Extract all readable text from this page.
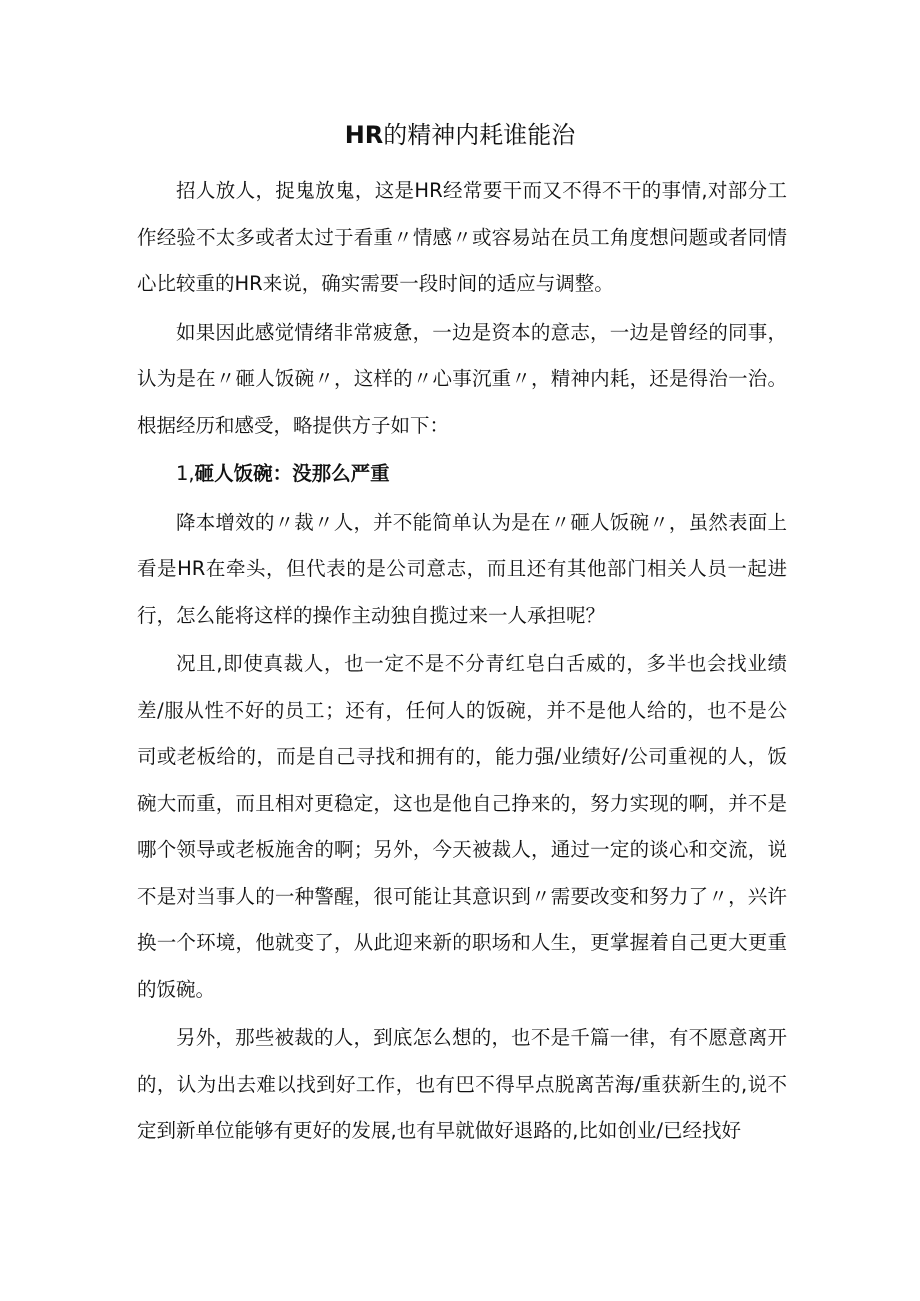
HR的精神内耗谁能治

招人放人，捉鬼放鬼，这是HR经常要干而又不得不干的事情,对部分工作经验不太多或者太过于看重〃情感〃或容易站在员工角度想问题或者同情心比较重的HR来说，确实需要一段时间的适应与调整。

如果因此感觉情绪非常疲惫，一边是资本的意志，一边是曾经的同事，认为是在〃砸人饭碗〃，这样的〃心事沉重〃，精神内耗，还是得治一治。根据经历和感受，略提供方子如下：

1,砸人饭碗：没那么严重

降本增效的〃裁〃人，并不能简单认为是在〃砸人饭碗〃，虽然表面上看是HR在牵头，但代表的是公司意志，而且还有其他部门相关人员一起进行，怎么能将这样的操作主动独自揽过来一人承担呢？

况且,即使真裁人，也一定不是不分青红皂白舌威的，多半也会找业绩差/服从性不好的员工；还有，任何人的饭碗，并不是他人给的，也不是公司或老板给的，而是自己寻找和拥有的，能力强/业绩好/公司重视的人，饭碗大而重，而且相对更稳定，这也是他自己挣来的，努力实现的啊，并不是哪个领导或老板施舍的啊；另外，今天被裁人，通过一定的谈心和交流，说不是对当事人的一种警醒，很可能让其意识到〃需要改变和努力了〃，兴许换一个环境，他就变了，从此迎来新的职场和人生，更掌握着自己更大更重的饭碗。

另外，那些被裁的人，到底怎么想的，也不是千篇一律，有不愿意离开的，认为出去难以找到好工作，也有巴不得早点脱离苦海/重获新生的,说不定到新单位能够有更好的发展,也有早就做好退路的,比如创业/已经找好
